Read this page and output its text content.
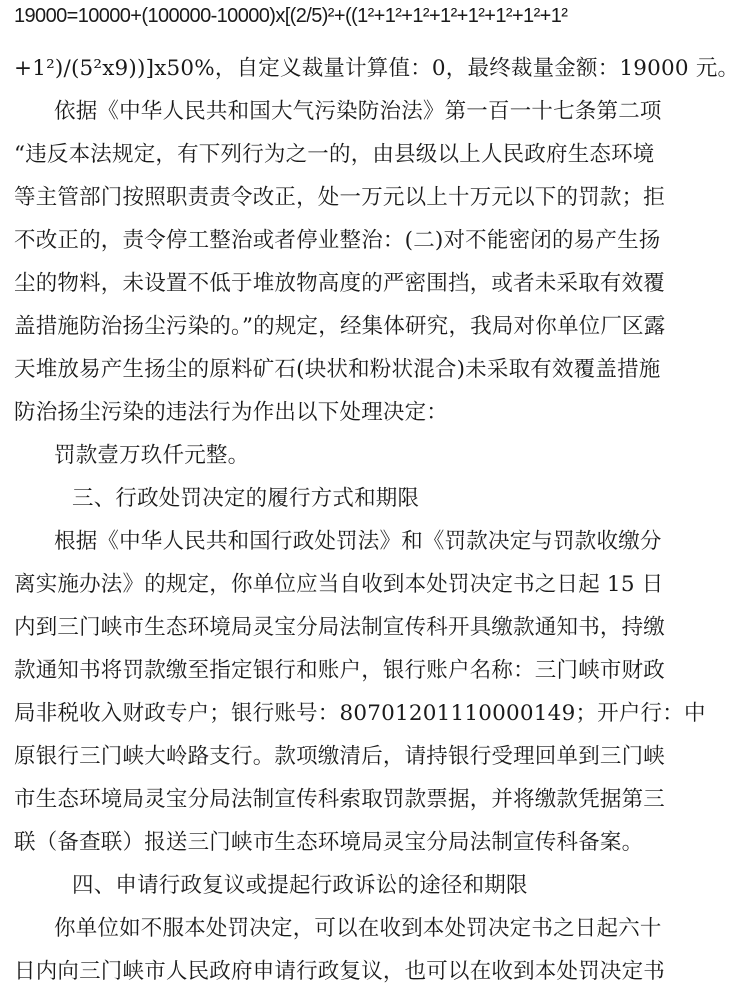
19000=10000+(100000-10000)x[(2/5)²+((1²+1²+1²+1²+1²+1²+1²+1²
+1²)/(5²x9))]x50%，自定义裁量计算值：0，最终裁量金额：19000 元。
依据《中华人民共和国大气污染防治法》第一百一十七条第二项
“违反本法规定，有下列行为之一的，由县级以上人民政府生态环境
等主管部门按照职责责令改正，处一万元以上十万元以下的罚款；拒
不改正的，责令停工整治或者停业整治：(二)对不能密闭的易产生扬
尘的物料，未设置不低于堆放物高度的严密围挡，或者未采取有效覆
盖措施防治扬尘污染的。”的规定，经集体研究，我局对你单位厂区露
天堆放易产生扬尘的原料矿石(块状和粉状混合)未采取有效覆盖措施
防治扬尘污染的违法行为作出以下处理决定：
罚款壹万玖仟元整。
三、行政处罚决定的履行方式和期限
根据《中华人民共和国行政处罚法》和《罚款决定与罚款收缴分
离实施办法》的规定，你单位应当自收到本处罚决定书之日起 15 日
内到三门峡市生态环境局灵宝分局法制宣传科开具缴款通知书，持缴
款通知书将罚款缴至指定银行和账户，银行账户名称：三门峡市财政
局非税收入财政专户；银行账号：80701201110000149；开户行：中
原银行三门峡大岭路支行。款项缴清后，请持银行受理回单到三门峡
市生态环境局灵宝分局法制宣传科索取罚款票据，并将缴款凭据第三
联（备查联）报送三门峡市生态环境局灵宝分局法制宣传科备案。
四、申请行政复议或提起行政诉讼的途径和期限
你单位如不服本处罚决定，可以在收到本处罚决定书之日起六十
日内向三门峡市人民政府申请行政复议，也可以在收到本处罚决定书
